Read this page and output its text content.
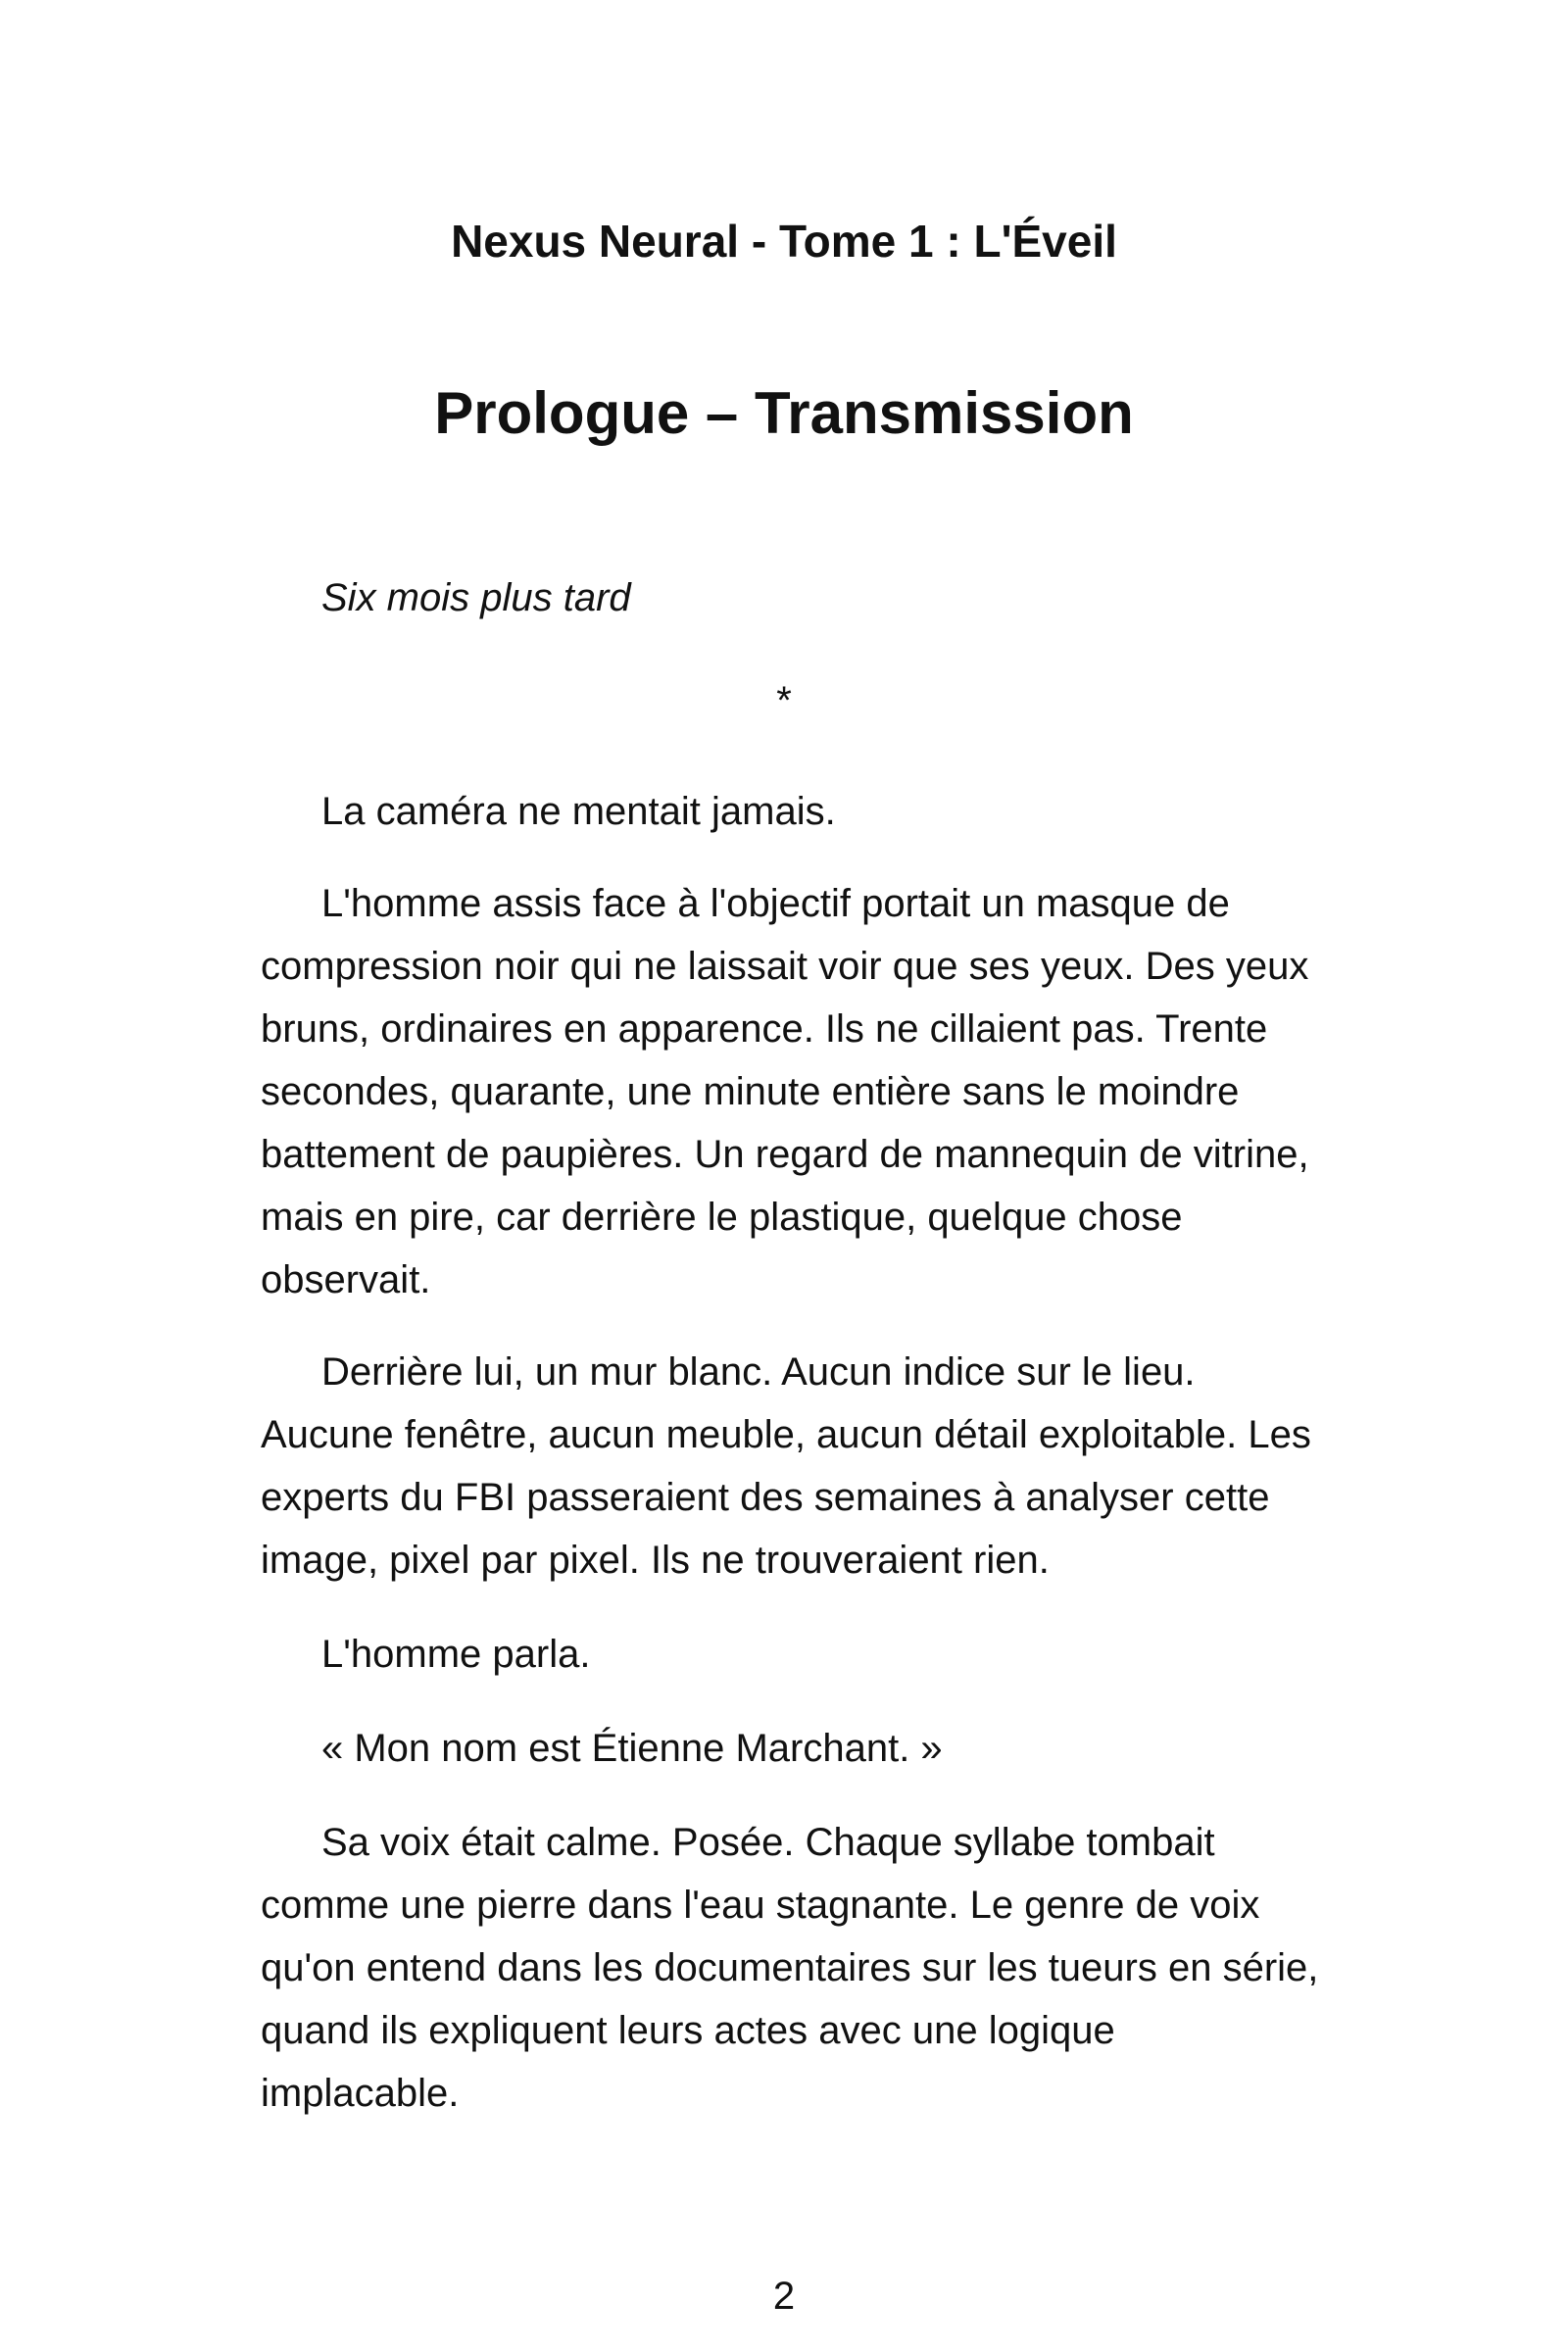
Nexus Neural - Tome 1 : L'Éveil
Prologue – Transmission

Six mois plus tard

*

La caméra ne mentait jamais.

L'homme assis face à l'objectif portait un masque de compression noir qui ne laissait voir que ses yeux. Des yeux bruns, ordinaires en apparence. Ils ne cillaient pas. Trente secondes, quarante, une minute entière sans le moindre battement de paupières. Un regard de mannequin de vitrine, mais en pire, car derrière le plastique, quelque chose observait.

Derrière lui, un mur blanc. Aucun indice sur le lieu. Aucune fenêtre, aucun meuble, aucun détail exploitable. Les experts du FBI passeraient des semaines à analyser cette image, pixel par pixel. Ils ne trouveraient rien.

L'homme parla.

« Mon nom est Étienne Marchant. »

Sa voix était calme. Posée. Chaque syllabe tombait comme une pierre dans l'eau stagnante. Le genre de voix qu'on entend dans les documentaires sur les tueurs en série, quand ils expliquent leurs actes avec une logique implacable.

2
